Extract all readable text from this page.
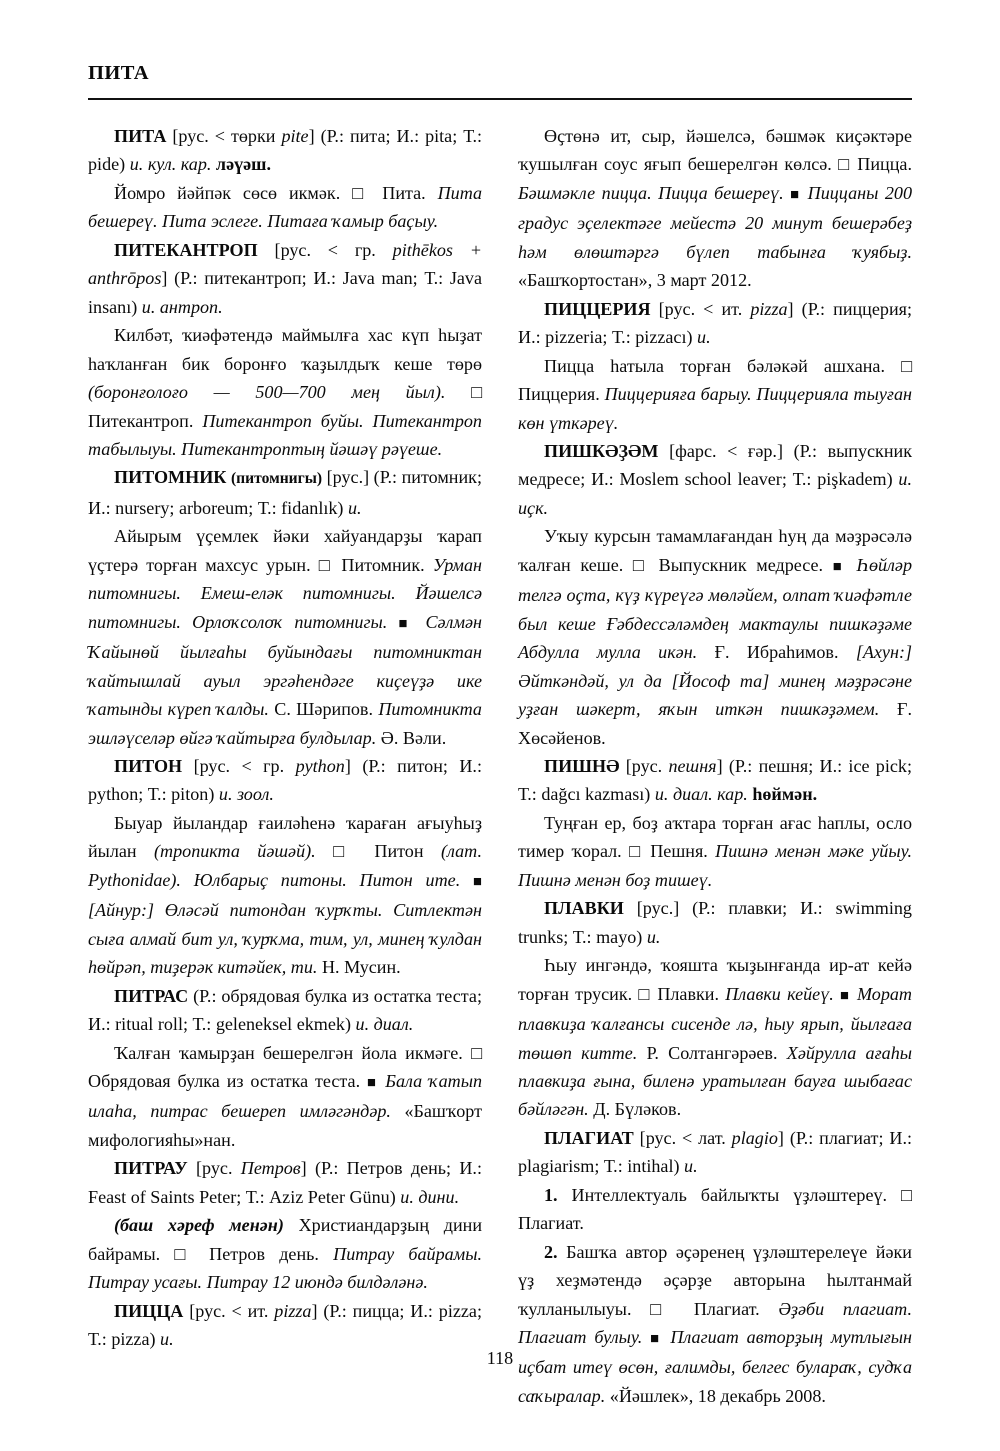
ПИТА

ПИТА [рус. < төрки pite] (Р.: пита; И.: pita; Т.: pide) и. кул. кар. ләүәш.

Йомро йәйпәк сөсө икмәк. □ Пита. Пита бешереү. Пита эслеге. Питаға ҡамыр баҫыу.

ПИТЕКАНТРОП [рус. < гр. pithēkos + anthrōpos] (Р.: питекантроп; И.: Java man; Т.: Java insanı) и. антроп.

Килбәт, ҡиәфәтендә маймылға хас күп һыҙат һаҡланған бик боронғо ҡаҙылдыҡ кеше төрө (боронғолоғо — 500—700 мең йыл). □ Питекантроп. Питекантроп буйы. Питекантроп табылыуы. Питекантроптың йәшәү рәүеше.

ПИТОМНИК (питомнигы) [рус.] (Р.: питомник; И.: nursery; arboreum; Т.: fidanlık) и.

Айырым үҫемлек йәки хайуандарҙы ҡарап үҫтерә торған махсус урын. □ Питомник. Урман питомнигы. Емеш-еләк питомнигы. Йәшелсә питомнигы. Орлоҡсолоҡ питомнигы. ■ Сәлмән Ҡайынөй йылғаһы буйындағы питомниктан ҡайтышлай ауыл эргәһендәге киҫеүҙә ике ҡатынды күреп ҡалды. С. Шәрипов. Питомникта эшләүселәр өйгә ҡайтырға булдылар. Ә. Вәли.

ПИТОН [рус. < гр. python] (Р.: питон; И.: python; Т.: piton) и. зоол.

Быуар йыландар ғаиләһенә ҡараған ағыуһыҙ йылан (тропикта йәшәй). □	Питон (лат. Pythonidae). Юлбарыҫ питоны. Питон ите. ■ [Айнур:] Өләсәй питондан ҡурҡты. Ситлектән сыға алмай бит ул, ҡурҡма, тим, ул, минең ҡулдан һөйрәп, тиҙерәк китәйек, ти. Н. Мусин.

ПИТРАС (Р.: обрядовая булка из остатка теста; И.: ritual roll; Т.: geleneksel ekmek) и. диал.

Ҡалған ҡамырҙан бешерелгән йола икмәге. □ Обрядовая булка из остатка теста. ■ Бала ҡатып илаһа, питрас бешереп имләгәндәр. «Башҡорт мифологияһы»нан.

ПИТРАУ [рус. Петров] (Р.: Петров день; И.: Feast of Saints Peter; Т.: Aziz Peter Günu) и. дини.

(баш хәреф менән) Христиандарҙың дини байрамы. □	Петров день. Питрау байрамы. Питрау усағы. Питрау 12 июндә билдәләнә.

ПИЦЦА [рус. < ит. pizza] (Р.: пицца; И.: pizza; Т.: pizza) и.

Өҫтөнә ит, сыр, йәшелсә, бәшмәк киҫәктәре ҡушылған соус яғып бешерелгән көлсә. □ Пицца. Бәшмәкле пицца. Пицца бешереү. ■ Пиццаны 200 градус эҫелектәге мейестә 20 минут бешерәбеҙ һәм өлөштәргә бүлеп табынға ҡуябыҙ. «Башҡортостан», 3 март 2012.

ПИЦЦЕРИЯ [рус. < ит. pizza] (Р.: пиццерия; И.: pizzeria; Т.: pizzacı) и.

Пицца һатыла торған бәләкәй ашхана. □ Пиццерия. Пиццерияға барыу. Пиццерияла тыуған көн үткәреү.

ПИШКӘҘӘМ [фарс. < ғәр.] (Р.: выпускник медресе; И.: Moslem school leaver; Т.: pişkadem) и. иҫк.

Уҡыу курсын тамамлағандан һуң да мәҙрәсәлә ҡалған кеше. □ Выпускник медресе. ■ Һөйләр телгә оҫта, күҙ күреүгә мөләйем, олпат ҡиәфәтле был кеше Ғәбдессәләмдең мактаулы пишкәҙәме Абдулла мулла икән. Ғ. Ибраһимов. [Ахун:] Әйткәндәй, ул да [Йософ та] минең мәҙрәсәне уҙған шәкерт, яҡын иткән пишкәҙәмем. Ғ. Хөсәйенов.

ПИШНӘ [рус. пешня] (Р.: пешня; И.: ice pick; Т.: dağcı kazması) и. диал. кар. һөймән.

Туңған ер, боҙ аҡтара торған ағас һаплы, осло тимер ҡорал. □ Пешня. Пишнә менән мәке уйыу. Пишнә менән боҙ тишеү.

ПЛАВКИ [рус.] (Р.: плавки; И.: swimming trunks; Т.: mayo) и.

Һыу ингәндә, ҡояшта ҡыҙынғанда ир-ат кейә торған трусик. □ Плавки. Плавки кейеү. ■ Морат плавкиҙа ҡалғансы сисенде лә, һыу ярып, йылғаға төшөп китте. Р. Солтангәрәев. Хәйрулла ағаһы плавкиҙа ғына, биленә уратылған бауға шыбағас бәйләгән. Д. Бүләков.

ПЛАГИАТ [рус. < лат. plagio] (Р.: плагиат; И.: plagiarism; Т.: intihal) и.

1. Интеллектуаль байлыҡты үҙләштереү. □ Плагиат.

2. Башҡа автор әҫәренең үҙләштерелеүе йәки үҙ хеҙмәтендә әҫәрҙе авторына һылтанмай ҡулланылыуы. □	Плагиат. Әҙәби плагиат. Плагиат булыу. ■ Плагиат авторҙың мутлығын иҫбат итеү өсөн, ғалимды, белгес булараҡ, судҡа саҡыралар. «Йәшлек», 18 декабрь 2008.

118
